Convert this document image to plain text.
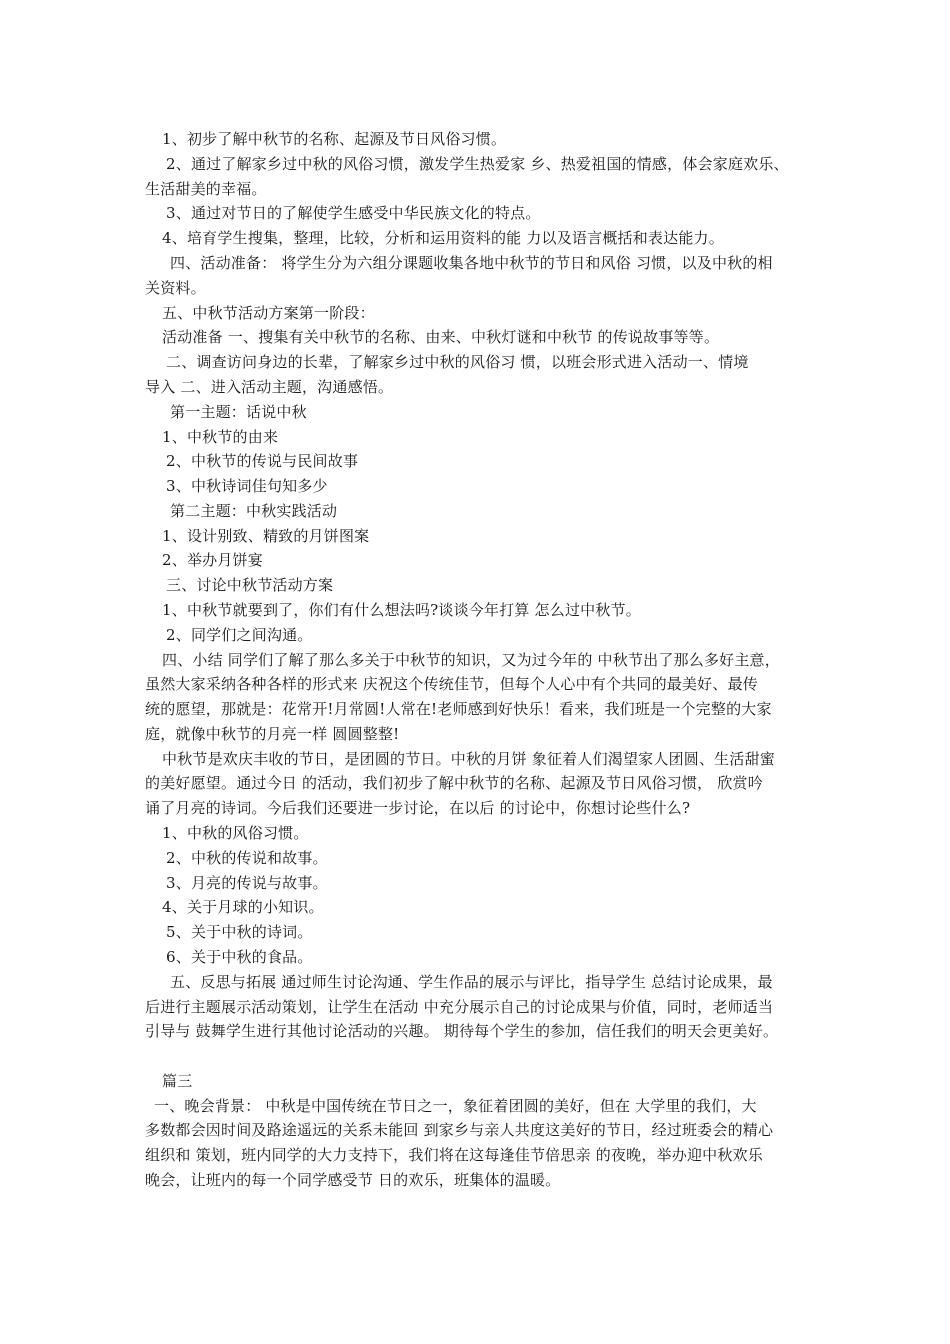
1、初步了解中秋节的名称、起源及节日风俗习惯。
2、通过了解家乡过中秋的风俗习惯，激发学生热爱家 乡、热爱祖国的情感，体会家庭欢乐、
生活甜美的幸福。
3、通过对节日的了解使学生感受中华民族文化的特点。
4、培育学生搜集，整理，比较，分析和运用资料的能 力以及语言概括和表达能力。
四、活动准备： 将学生分为六组分课题收集各地中秋节的节日和风俗 习惯，以及中秋的相
关资料。
五、中秋节活动方案第一阶段：
活动准备 一、搜集有关中秋节的名称、由来、中秋灯谜和中秋节 的传说故事等等。
二、调查访问身边的长辈，了解家乡过中秋的风俗习 惯，以班会形式进入活动一、情境
导入 二、进入活动主题，沟通感悟。
第一主题：话说中秋
1、中秋节的由来
2、中秋节的传说与民间故事
3、中秋诗词佳句知多少
第二主题：中秋实践活动
1、设计别致、精致的月饼图案
2、举办月饼宴
三、讨论中秋节活动方案
1、中秋节就要到了，你们有什么想法吗?谈谈今年打算 怎么过中秋节。
2、同学们之间沟通。
四、小结 同学们了解了那么多关于中秋节的知识，又为过今年的 中秋节出了那么多好主意，
虽然大家采纳各种各样的形式来 庆祝这个传统佳节，但每个人心中有个共同的最美好、最传
统的愿望，那就是：花常开!月常圆!人常在!老师感到好快乐！看来，我们班是一个完整的大家
庭，就像中秋节的月亮一样 圆圆整整!
中秋节是欢庆丰收的节日，是团圆的节日。中秋的月饼 象征着人们渴望家人团圆、生活甜蜜
的美好愿望。通过今日 的活动，我们初步了解中秋节的名称、起源及节日风俗习惯， 欣赏吟
诵了月亮的诗词。今后我们还要进一步讨论，在以后 的讨论中，你想讨论些什么?
1、中秋的风俗习惯。
2、中秋的传说和故事。
3、月亮的传说与故事。
4、关于月球的小知识。
5、关于中秋的诗词。
6、关于中秋的食品。
五、反思与拓展 通过师生讨论沟通、学生作品的展示与评比，指导学生 总结讨论成果，最
后进行主题展示活动策划，让学生在活动 中充分展示自己的讨论成果与价值，同时，老师适当
引导与 鼓舞学生进行其他讨论活动的兴趣。 期待每个学生的参加，信任我们的明天会更美好。
篇三
一、晚会背景： 中秋是中国传统在节日之一，象征着团圆的美好，但在 大学里的我们，大
多数都会因时间及路途遥远的关系未能回 到家乡与亲人共度这美好的节日，经过班委会的精心
组织和 策划，班内同学的大力支持下，我们将在这每逢佳节倍思亲 的夜晚，举办迎中秋欢乐
晚会，让班内的每一个同学感受节 日的欢乐，班集体的温暖。
